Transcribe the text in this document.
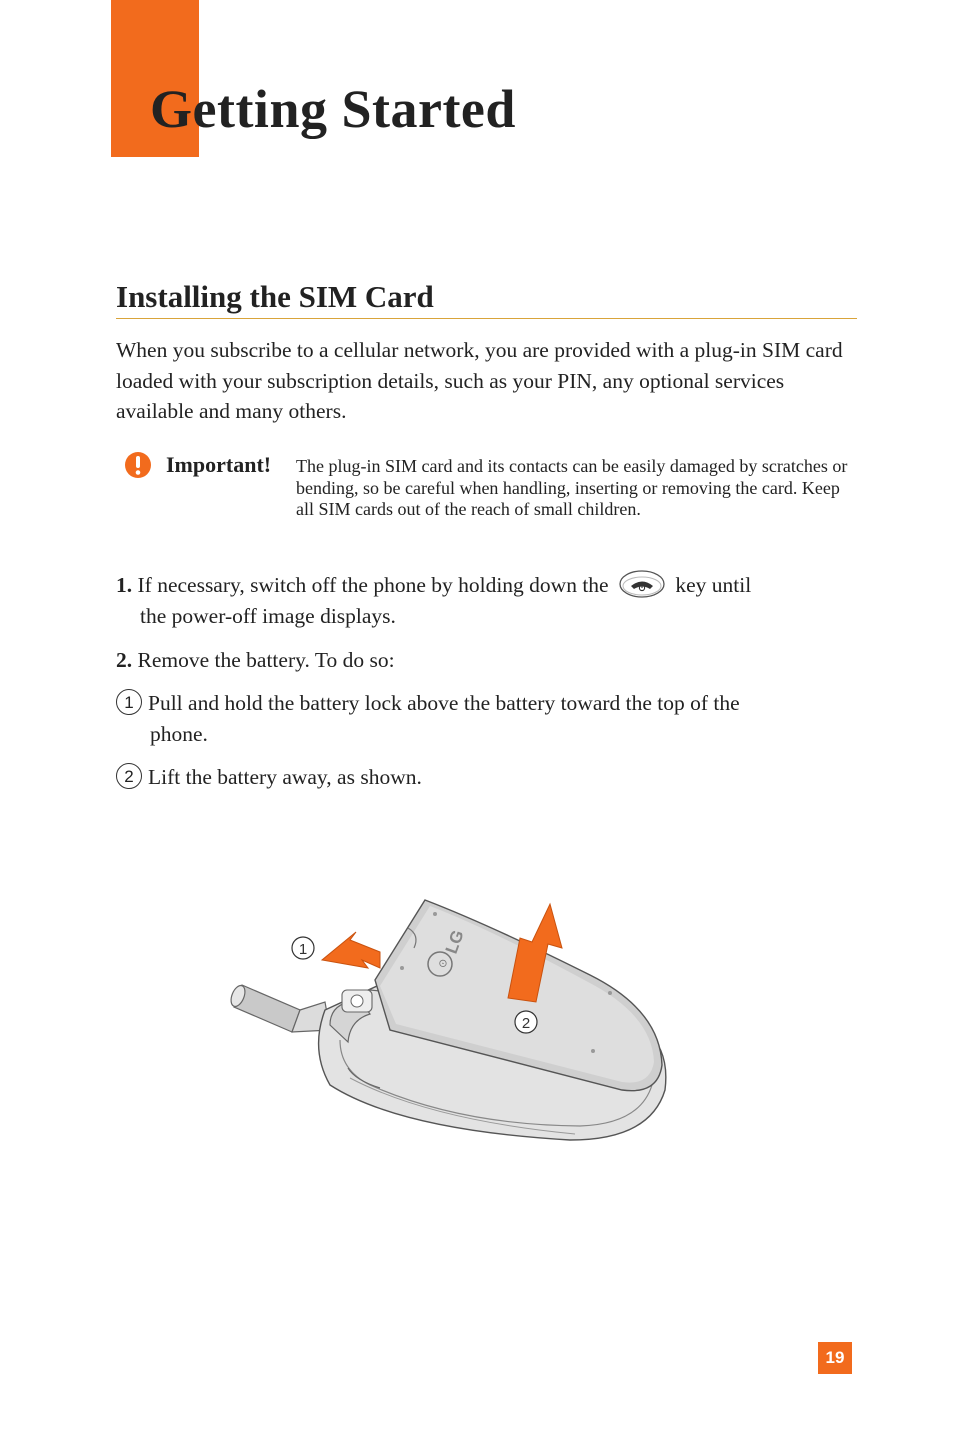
Getting Started
Installing the SIM Card

When you subscribe to a cellular network, you are provided with a plug-in SIM card loaded with your subscription details, such as your PIN, any optional services available and many others.

Important! The plug-in SIM card and its contacts can be easily damaged by scratches or bending, so be careful when handling, inserting or removing the card. Keep all SIM cards out of the reach of small children.

1. If necessary, switch off the phone by holding down the	key until
the power-off image displays.

2. Remove the battery. To do so:

1 Pull and hold the battery lock above the battery toward the top of the
phone.

2 Lift the battery away, as shown.

⊙
LG
1
2
19
